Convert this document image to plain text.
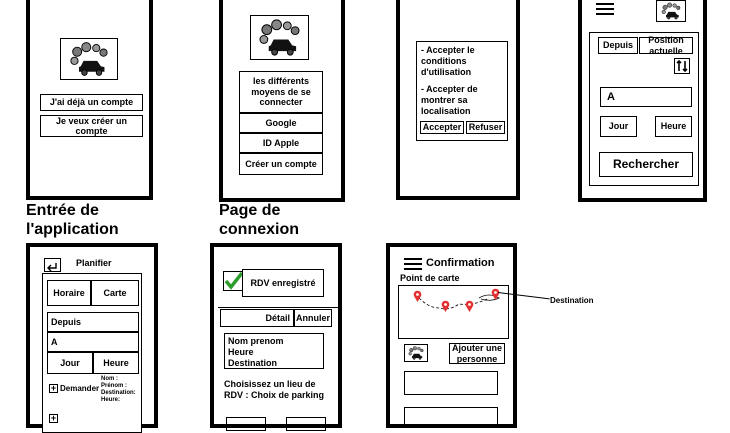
J'ai déjà un compte
Je veux créer un compte
les différents moyens de se connecter
Google
ID Apple
Créer un compte
- Accepter le conditions d'utilisation
- Accepter de montrer sa localisation
Accepter Refuser
Depuis
Position actuelle
A
Jour	Heure
Rechercher
Entrée de l'application
Page de connexion
Planifier
Horaire Carte
Depuis
A
Jour	Heure
+ Demander
Nom : Prénom : Destination: Heure:
+
RDV enregistré
Détail Annuler
Nom prenom Heure Destination
Choisissez un lieu de RDV : Choix de parking
Confirmation
Point de carte
Ajouter une personne
Destination
